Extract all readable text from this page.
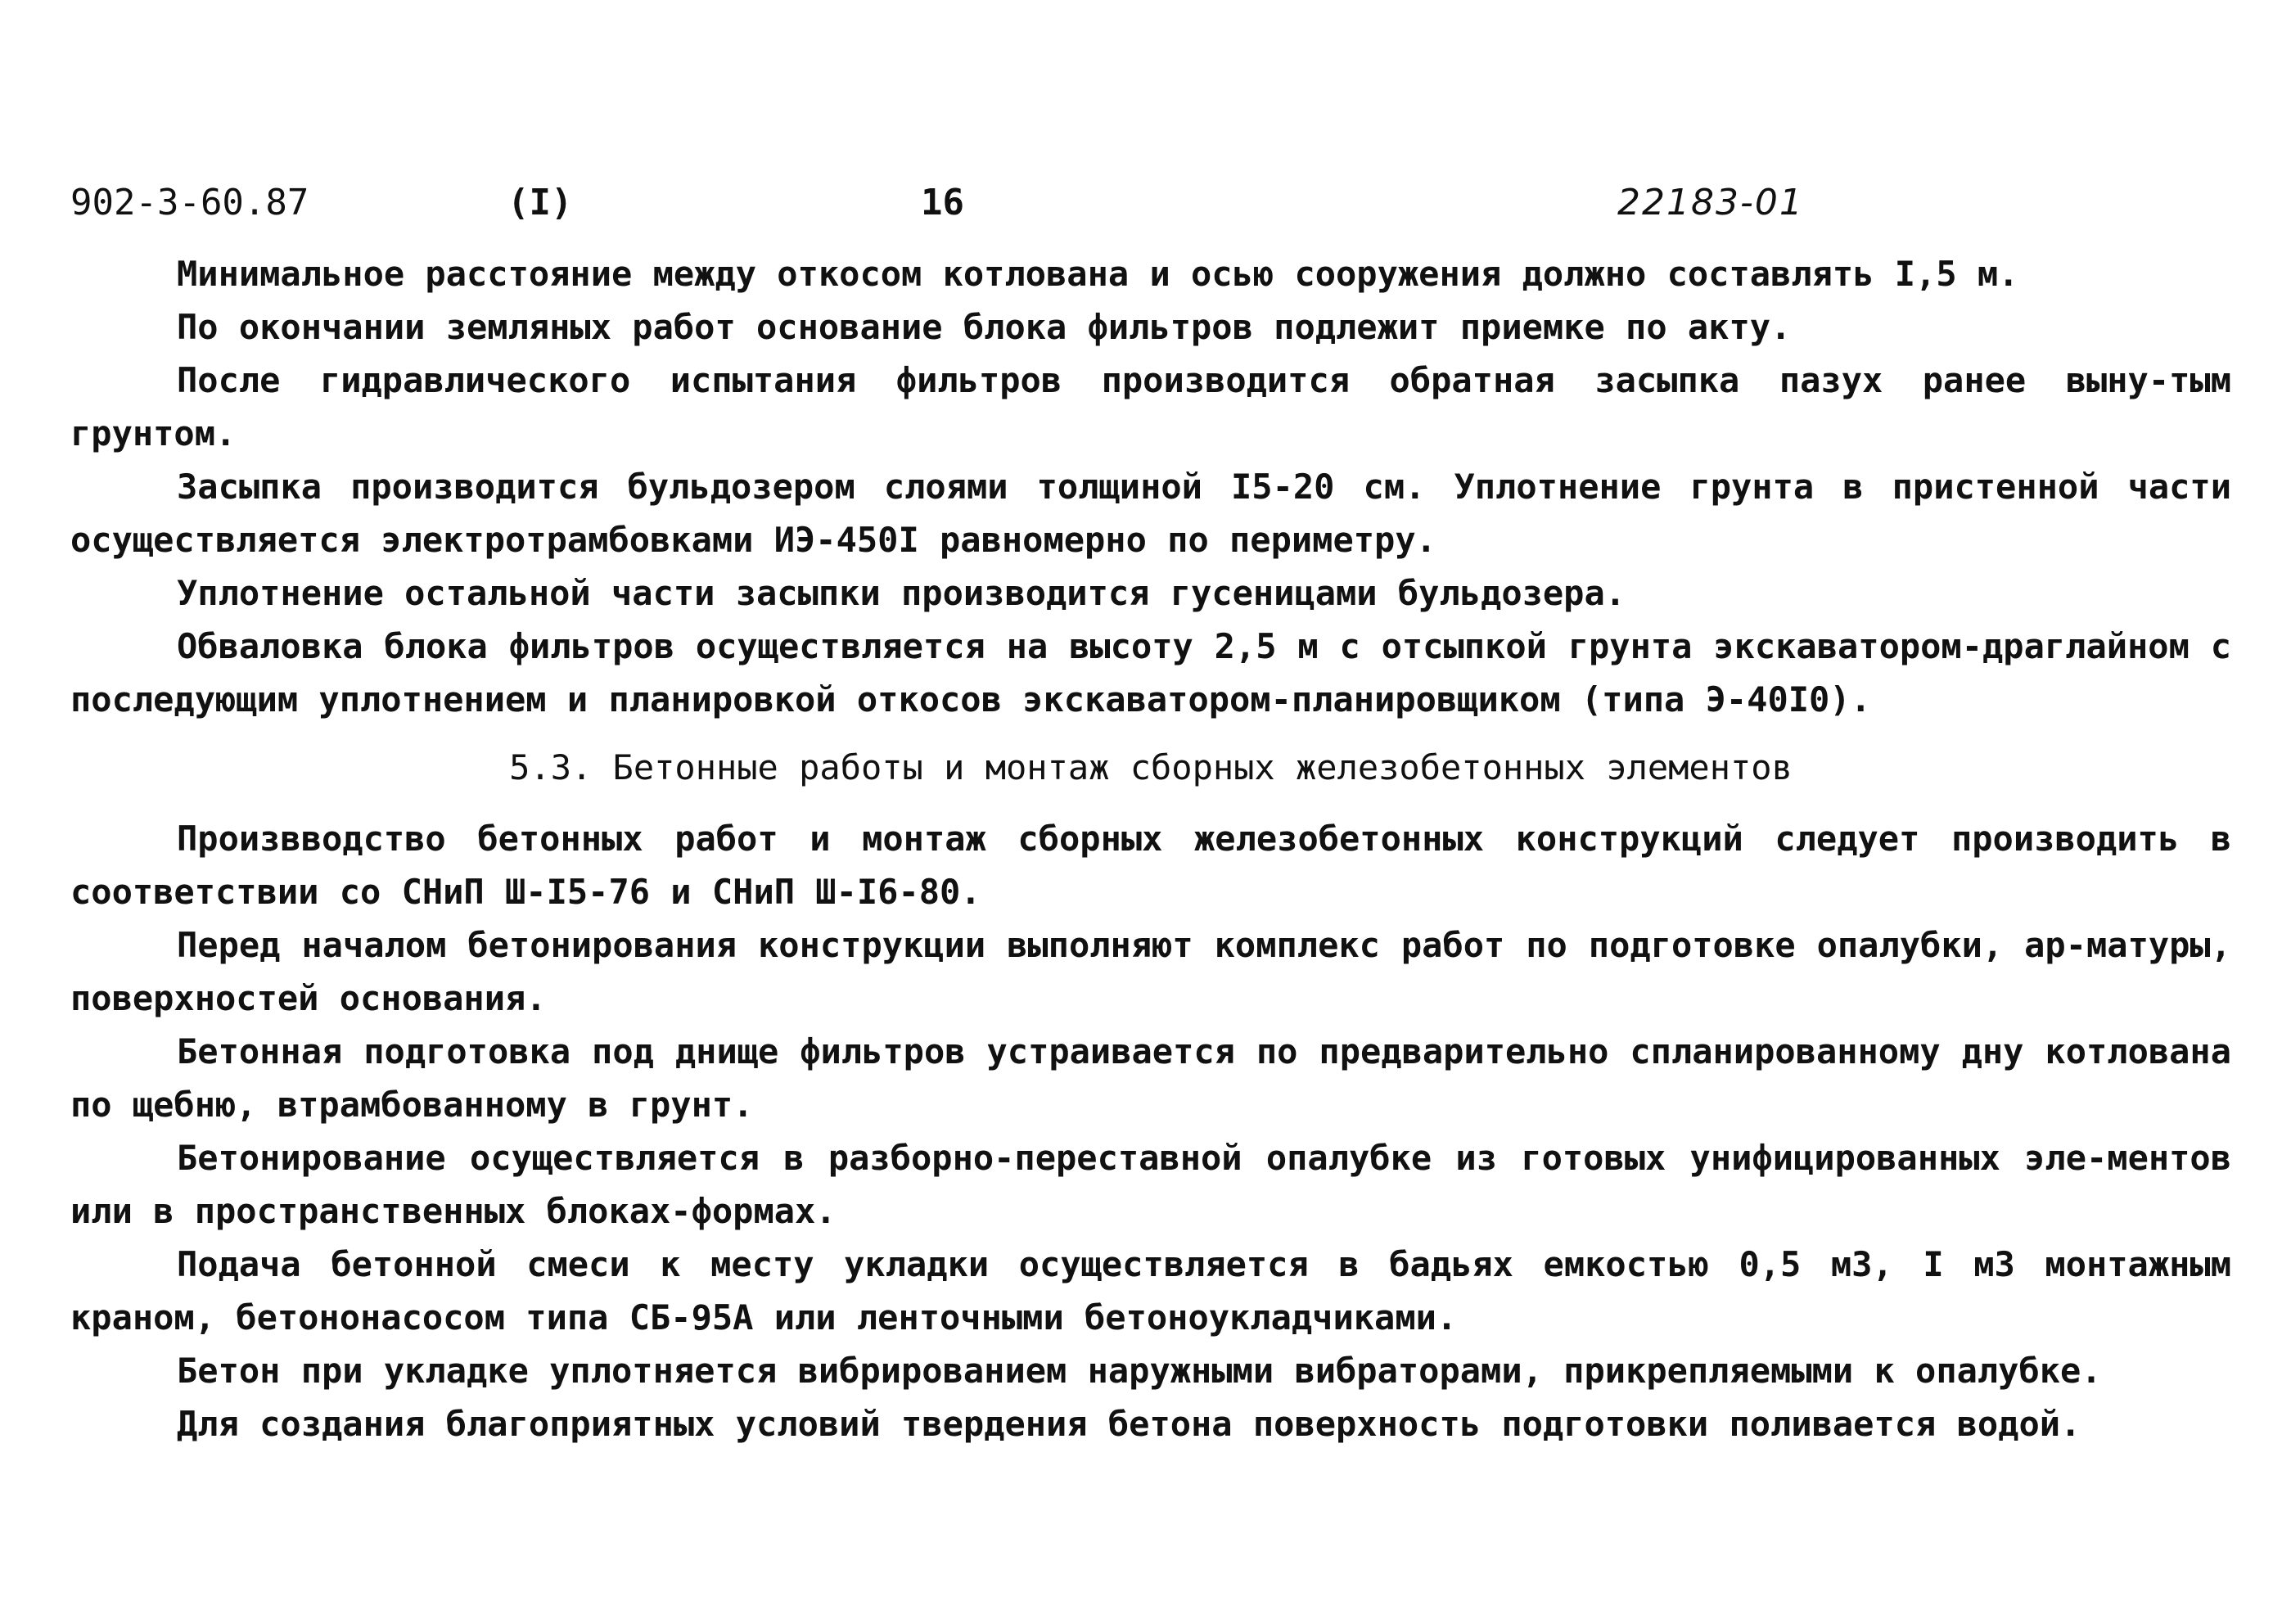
902-3-60.87	(I)	16	22183-01

Минимальное расстояние между откосом котлована и осью сооружения должно составлять I,5 м.

По окончании земляных работ основание блока фильтров подлежит приемке по акту.

После гидравлического испытания фильтров производится обратная засыпка пазух ранее выну-тым грунтом.

Засыпка производится бульдозером слоями толщиной I5-20 см. Уплотнение грунта в пристенной части осуществляется электротрамбовками ИЭ-450I равномерно по периметру.

Уплотнение остальной части засыпки производится гусеницами бульдозера.

Обваловка блока фильтров осуществляется на высоту 2,5 м с отсыпкой грунта экскаватором-драглайном с последующим уплотнением и планировкой откосов экскаватором-планировщиком (типа Э-40I0).

5.3. Бетонные работы и монтаж сборных железобетонных элементов

Произвводство бетонных работ и монтаж сборных железобетонных конструкций следует производить в соответствии со СНиП Ш-I5-76 и СНиП Ш-I6-80.

Перед началом бетонирования конструкции выполняют комплекс работ по подготовке опалубки, ар-матуры, поверхностей основания.

Бетонная подготовка под днище фильтров устраивается по предварительно спланированному дну котлована по щебню, втрамбованному в грунт.

Бетонирование осуществляется в разборно-переставной опалубке из готовых унифицированных эле-ментов или в пространственных блоках-формах.

Подача бетонной смеси к месту укладки осуществляется в бадьях емкостью 0,5 м3, I м3 монтажным краном, бетононасосом типа СБ-95А или ленточными бетоноукладчиками.

Бетон при укладке уплотняется вибрированием наружными вибраторами, прикрепляемыми к опалубке.

Для создания благоприятных условий твердения бетона поверхность подготовки поливается водой.
